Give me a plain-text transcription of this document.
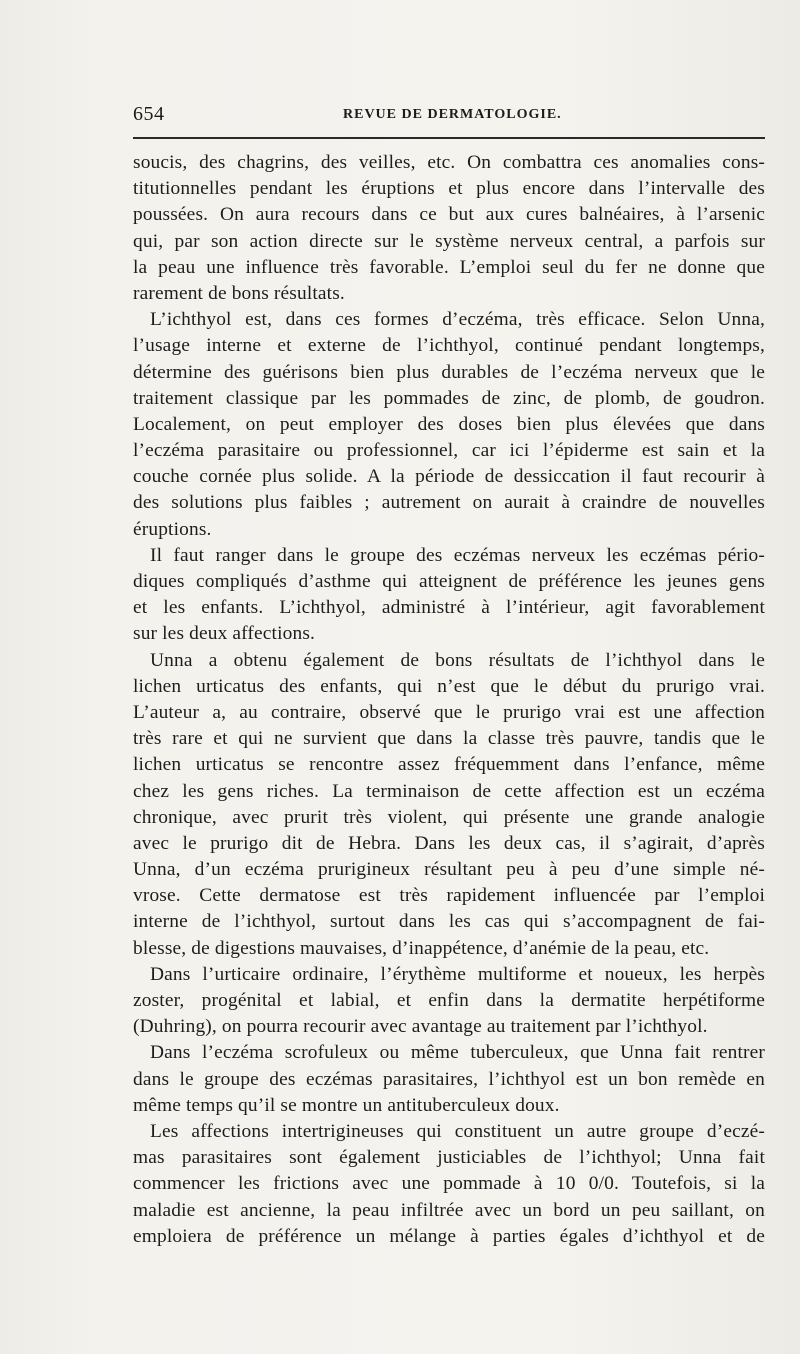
654	REVUE DE DERMATOLOGIE.
soucis, des chagrins, des veilles, etc. On combattra ces anomalies cons-
titutionnelles pendant les éruptions et plus encore dans l’intervalle des
poussées. On aura recours dans ce but aux cures balnéaires, à l’arsenic
qui, par son action directe sur le système nerveux central, a parfois sur
la peau une influence très favorable. L’emploi seul du fer ne donne que
rarement de bons résultats.
L’ichthyol est, dans ces formes d’eczéma, très efficace. Selon Unna,
l’usage interne et externe de l’ichthyol, continué pendant longtemps,
détermine des guérisons bien plus durables de l’eczéma nerveux que le
traitement classique par les pommades de zinc, de plomb, de goudron.
Localement, on peut employer des doses bien plus élevées que dans
l’eczéma parasitaire ou professionnel, car ici l’épiderme est sain et la
couche cornée plus solide. A la période de dessiccation il faut recourir à
des solutions plus faibles ; autrement on aurait à craindre de nouvelles
éruptions.
Il faut ranger dans le groupe des eczémas nerveux les eczémas pério-
diques compliqués d’asthme qui atteignent de préférence les jeunes gens
et les enfants. L’ichthyol, administré à l’intérieur, agit favorablement
sur les deux affections.
Unna a obtenu également de bons résultats de l’ichthyol dans le
lichen urticatus des enfants, qui n’est que le début du prurigo vrai.
L’auteur a, au contraire, observé que le prurigo vrai est une affection
très rare et qui ne survient que dans la classe très pauvre, tandis que le
lichen urticatus se rencontre assez fréquemment dans l’enfance, même
chez les gens riches. La terminaison de cette affection est un eczéma
chronique, avec prurit très violent, qui présente une grande analogie
avec le prurigo dit de Hebra. Dans les deux cas, il s’agirait, d’après
Unna, d’un eczéma prurigineux résultant peu à peu d’une simple né-
vrose. Cette dermatose est très rapidement influencée par l’emploi
interne de l’ichthyol, surtout dans les cas qui s’accompagnent de fai-
blesse, de digestions mauvaises, d’inappétence, d’anémie de la peau, etc.
Dans l’urticaire ordinaire, l’érythème multiforme et noueux, les herpès
zoster, progénital et labial, et enfin dans la dermatite herpétiforme
(Duhring), on pourra recourir avec avantage au traitement par l’ichthyol.
Dans l’eczéma scrofuleux ou même tuberculeux, que Unna fait rentrer
dans le groupe des eczémas parasitaires, l’ichthyol est un bon remède en
même temps qu’il se montre un antituberculeux doux.
Les affections intertrigineuses qui constituent un autre groupe d’eczé-
mas parasitaires sont également justiciables de l’ichthyol; Unna fait
commencer les frictions avec une pommade à 10 0/0. Toutefois, si la
maladie est ancienne, la peau infiltrée avec un bord un peu saillant, on
emploiera de préférence un mélange à parties égales d’ichthyol et de
